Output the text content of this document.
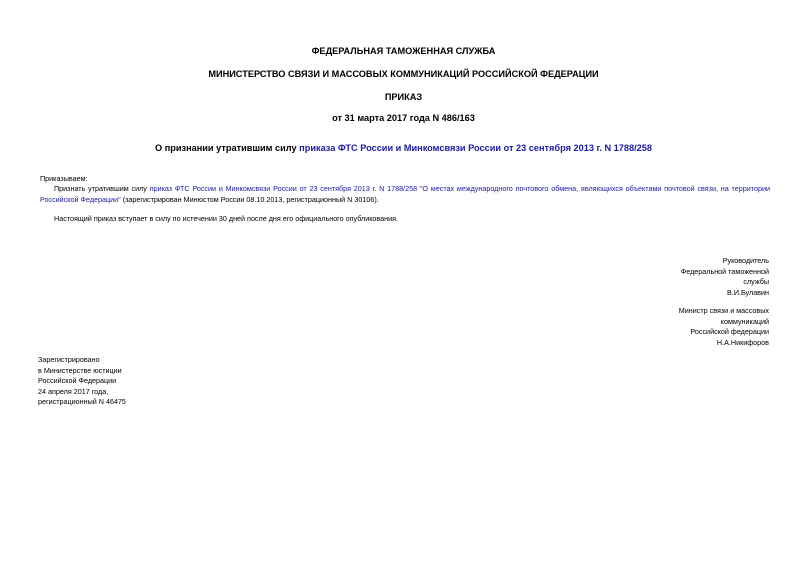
ФЕДЕРАЛЬНАЯ ТАМОЖЕННАЯ СЛУЖБА
МИНИСТЕРСТВО СВЯЗИ И МАССОВЫХ КОММУНИКАЦИЙ РОССИЙСКОЙ ФЕДЕРАЦИИ
ПРИКАЗ
от 31 марта 2017 года N 486/163
О признании утратившим силу приказа ФТС России и Минкомсвязи России от 23 сентября 2013 г. N 1788/258
Приказываем:
Признать утратившим силу приказ ФТС России и Минкомсвязи России от 23 сентября 2013 г. N 1788/258 "О местах международного почтового обмена, являющихся объектами почтовой связи, на территории Российской Федерации" (зарегистрирован Минюстом России 08.10.2013, регистрационный N 30106).
Настоящий приказ вступает в силу по истечении 30 дней после дня его официального опубликования.
Руководитель
Федеральной таможенной
службы
В.И.Булавин
Министр связи и массовых
коммуникаций
Российской федерации
Н.А.Никифоров
Зарегистрировано
в Министерстве юстиции
Российской Федерации
24 апреля 2017 года,
регистрационный N 46475
